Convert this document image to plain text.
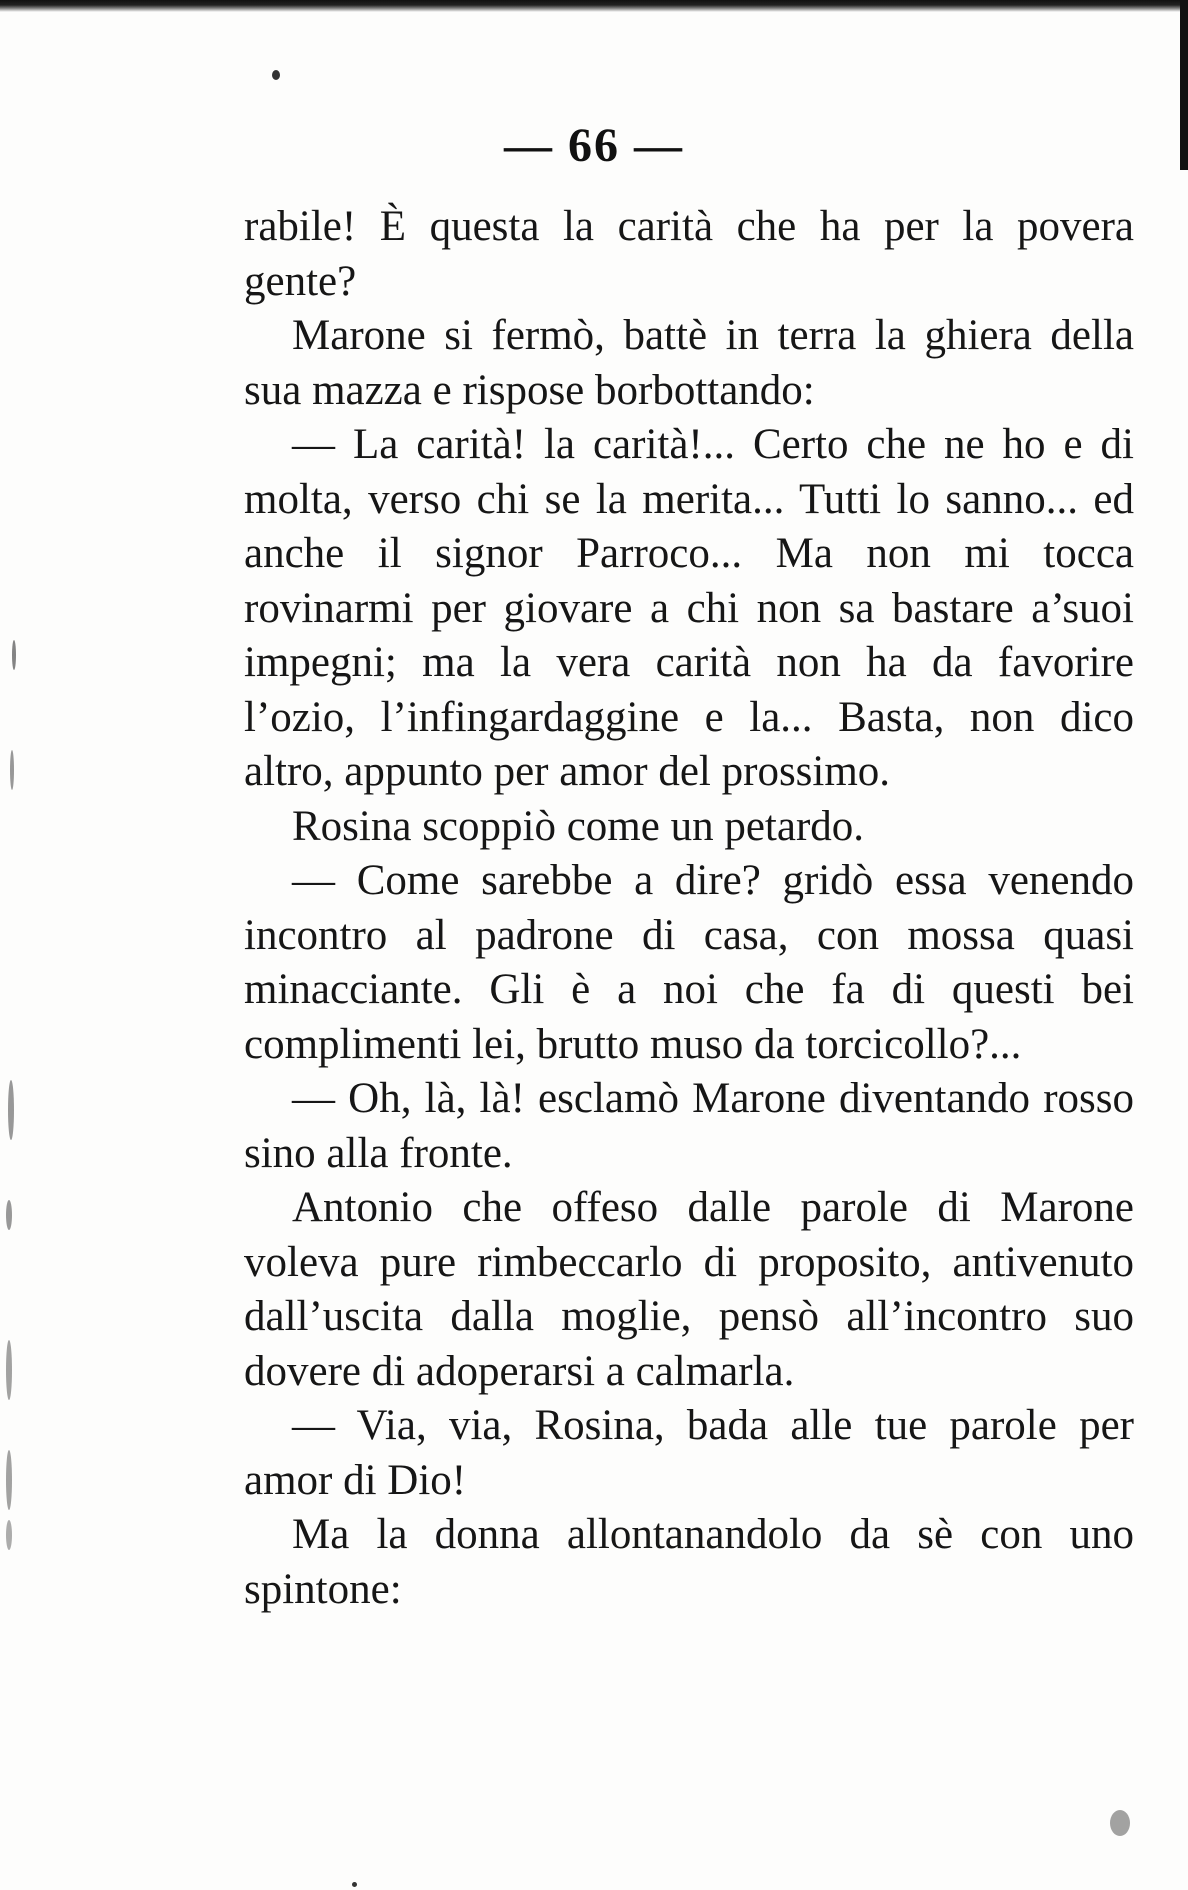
— 66 —

rabile! È questa la carità che ha per la povera gente?

Marone si fermò, battè in terra la ghiera della sua mazza e rispose borbottando:

— La carità! la carità!... Certo che ne ho e di molta, verso chi se la merita... Tutti lo sanno... ed anche il signor Parroco... Ma non mi tocca rovinarmi per giovare a chi non sa bastare a’suoi impegni; ma la vera carità non ha da favorire l’ozio, l’infingardaggine e la... Basta, non dico altro, appunto per amor del prossimo.

Rosina scoppiò come un petardo.

— Come sarebbe a dire? gridò essa venendo incontro al padrone di casa, con mossa quasi minacciante. Gli è a noi che fa di questi bei complimenti lei, brutto muso da torcicollo?...

— Oh, là, là! esclamò Marone diventando rosso sino alla fronte.

Antonio che offeso dalle parole di Marone voleva pure rimbeccarlo di proposito, antivenuto dall’uscita dalla moglie, pensò all’incontro suo dovere di adoperarsi a calmarla.

— Via, via, Rosina, bada alle tue parole per amor di Dio!

Ma la donna allontanandolo da sè con uno spintone:
